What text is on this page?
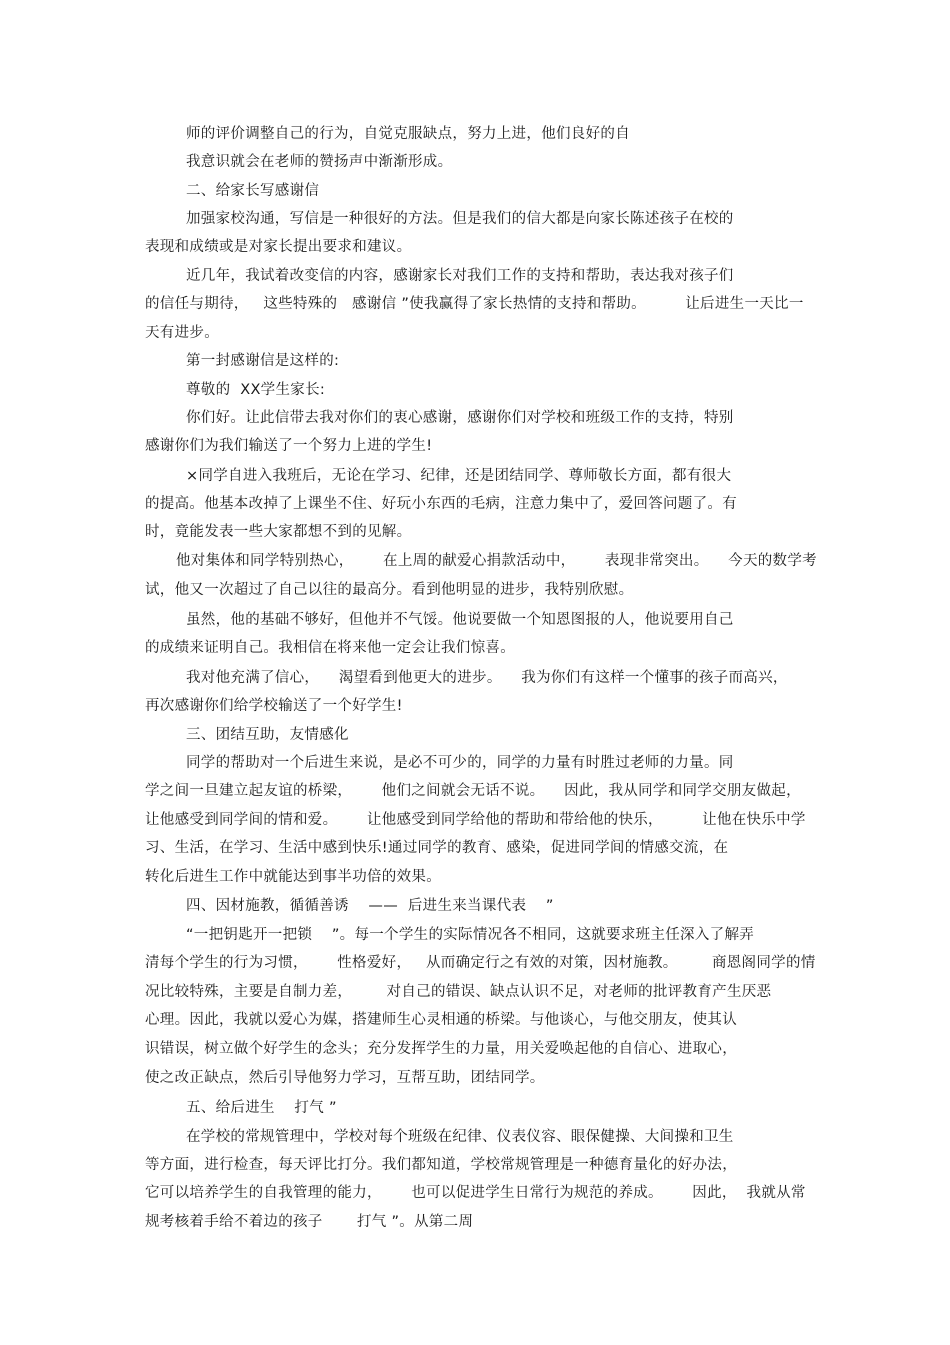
师的评价调整自己的行为，自觉克服缺点，努力上进，他们良好的自
我意识就会在老师的赞扬声中渐渐形成。
二、给家长写感谢信
加强家校沟通，写信是一种很好的方法。但是我们的信大都是向家长陈述孩子在校的
表现和成绩或是对家长提出要求和建议。
近几年，我试着改变信的内容，感谢家长对我们工作的支持和帮助，表达我对孩子们
的信任与期待，   这些特殊的   感谢信 ”使我赢得了家长热情的支持和帮助。        让后进生一天比一
天有进步。
第一封感谢信是这样的:
尊敬的  XX学生家长:
你们好。让此信带去我对你们的衷心感谢，感谢你们对学校和班级工作的支持，特别
感谢你们为我们输送了一个努力上进的学生!
×同学自进入我班后，无论在学习、纪律，还是团结同学、尊师敬长方面，都有很大
的提高。他基本改掉了上课坐不住、好玩小东西的毛病，注意力集中了，爱回答问题了。有
时，竟能发表一些大家都想不到的见解。
他对集体和同学特别热心，      在上周的献爱心捐款活动中，      表现非常突出。    今天的数学考
试，他又一次超过了自己以往的最高分。看到他明显的进步，我特别欣慰。
虽然，他的基础不够好，但他并不气馁。他说要做一个知恩图报的人，他说要用自己
的成绩来证明自己。我相信在将来他一定会让我们惊喜。
我对他充满了信心，    渴望看到他更大的进步。    我为你们有这样一个懂事的孩子而高兴，
再次感谢你们给学校输送了一个好学生!
三、团结互助，友情感化
同学的帮助对一个后进生来说，是必不可少的，同学的力量有时胜过老师的力量。同
学之间一旦建立起友谊的桥梁，      他们之间就会无话不说。    因此，我从同学和同学交朋友做起，
让他感受到同学间的情和爱。      让他感受到同学给他的帮助和带给他的快乐，        让他在快乐中学
习、生活，在学习、生活中感到快乐!通过同学的教育、感染，促进同学间的情感交流，在
转化后进生工作中就能达到事半功倍的效果。
四、因材施教，循循善诱    ——  后进生来当课代表    ”
“一把钥匙开一把锁    ”。每一个学生的实际情况各不相同，这就要求班主任深入了解弄
清每个学生的行为习惯，      性格爱好，   从而确定行之有效的对策，因材施教。       商恩阁同学的情
况比较特殊，主要是自制力差，       对自己的错误、缺点认识不足，对老师的批评教育产生厌恶
心理。因此，我就以爱心为媒，搭建师生心灵相通的桥梁。与他谈心，与他交朋友，使其认
识错误，树立做个好学生的念头；充分发挥学生的力量，用关爱唤起他的自信心、进取心，
使之改正缺点，然后引导他努力学习，互帮互助，团结同学。
五、给后进生    打气 ”
在学校的常规管理中，学校对每个班级在纪律、仪表仪容、眼保健操、大间操和卫生
等方面，进行检查，每天评比打分。我们都知道，学校常规管理是一种德育量化的好办法，
它可以培养学生的自我管理的能力，      也可以促进学生日常行为规范的养成。      因此，  我就从常
规考核着手给不着边的孩子       打气 ”。从第二周
